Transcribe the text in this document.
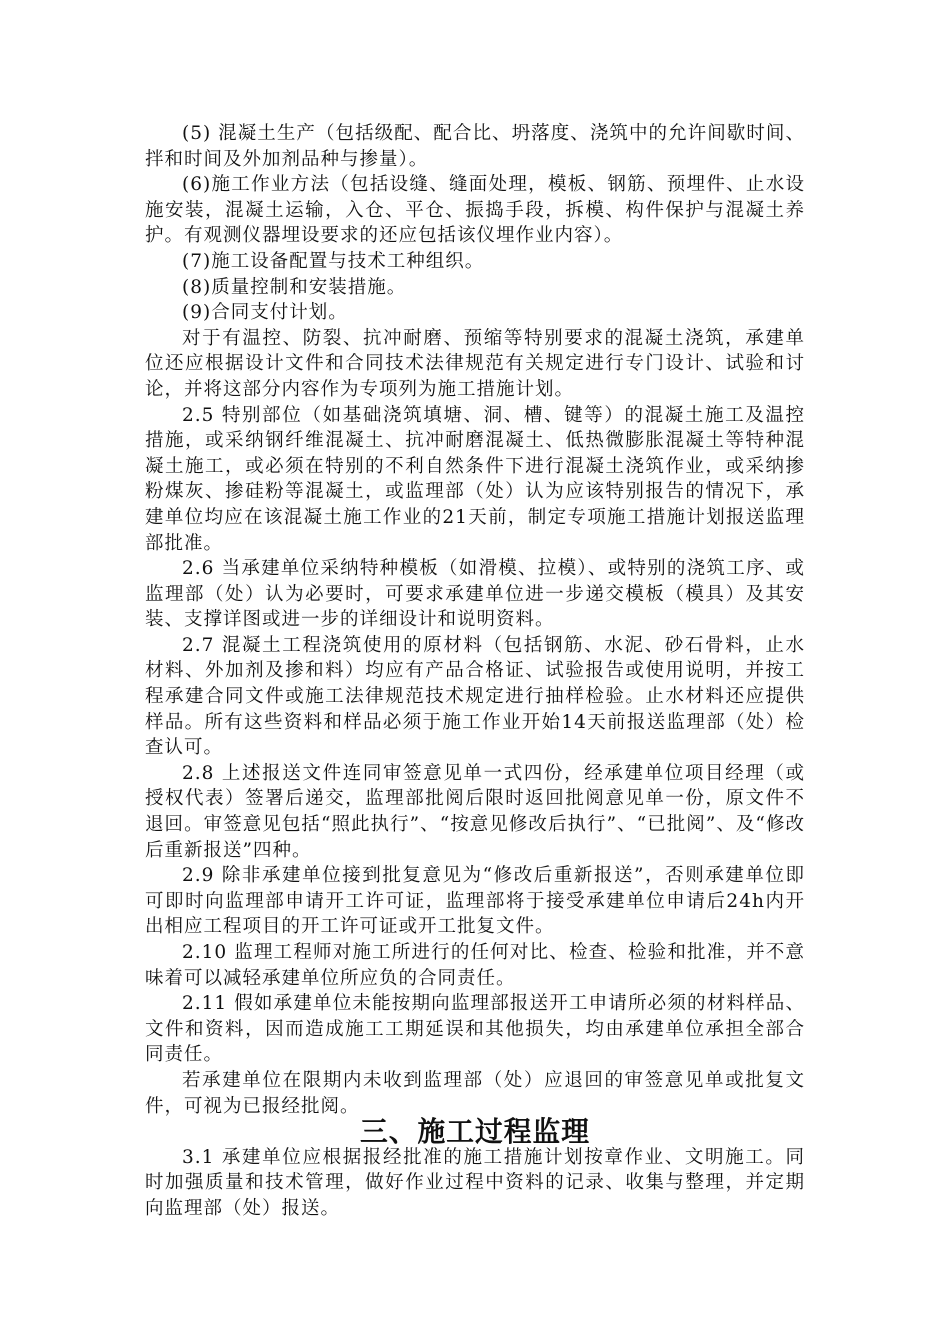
(5) 混凝土生产（包括级配、配合比、坍落度、浇筑中的允许间歇时间、拌和时间及外加剂品种与掺量）。

(6)施工作业方法（包括设缝、缝面处理，模板、钢筋、预埋件、止水设施安装，混凝土运输，入仓、平仓、振捣手段，拆模、构件保护与混凝土养护。有观测仪器埋设要求的还应包括该仪埋作业内容）。

(7)施工设备配置与技术工种组织。

(8)质量控制和安装措施。

(9)合同支付计划。

对于有温控、防裂、抗冲耐磨、预缩等特别要求的混凝土浇筑，承建单位还应根据设计文件和合同技术法律规范有关规定进行专门设计、试验和讨论，并将这部分内容作为专项列为施工措施计划。

2.5 特别部位（如基础浇筑填塘、洞、槽、键等）的混凝土施工及温控措施，或采纳钢纤维混凝土、抗冲耐磨混凝土、低热微膨胀混凝土等特种混凝土施工，或必须在特别的不利自然条件下进行混凝土浇筑作业，或采纳掺粉煤灰、掺硅粉等混凝土，或监理部（处）认为应该特别报告的情况下，承建单位均应在该混凝土施工作业的21天前，制定专项施工措施计划报送监理部批准。

2.6 当承建单位采纳特种模板（如滑模、拉模）、或特别的浇筑工序、或监理部（处）认为必要时，可要求承建单位进一步递交模板（模具）及其安装、支撑详图或进一步的详细设计和说明资料。

2.7 混凝土工程浇筑使用的原材料（包括钢筋、水泥、砂石骨料，止水材料、外加剂及掺和料）均应有产品合格证、试验报告或使用说明，并按工程承建合同文件或施工法律规范技术规定进行抽样检验。止水材料还应提供样品。所有这些资料和样品必须于施工作业开始14天前报送监理部（处）检查认可。

2.8 上述报送文件连同审签意见单一式四份，经承建单位项目经理（或授权代表）签署后递交，监理部批阅后限时返回批阅意见单一份，原文件不退回。审签意见包括“照此执行”、“按意见修改后执行”、“已批阅”、及“修改后重新报送”四种。

2.9 除非承建单位接到批复意见为“修改后重新报送”，否则承建单位即可即时向监理部申请开工许可证，监理部将于接受承建单位申请后24h内开出相应工程项目的开工许可证或开工批复文件。

2.10 监理工程师对施工所进行的任何对比、检查、检验和批准，并不意味着可以减轻承建单位所应负的合同责任。

2.11 假如承建单位未能按期向监理部报送开工申请所必须的材料样品、文件和资料，因而造成施工工期延误和其他损失，均由承建单位承担全部合同责任。

若承建单位在限期内未收到监理部（处）应退回的审签意见单或批复文件，可视为已报经批阅。

三、施工过程监理

3.1 承建单位应根据报经批准的施工措施计划按章作业、文明施工。同时加强质量和技术管理，做好作业过程中资料的记录、收集与整理，并定期向监理部（处）报送。
